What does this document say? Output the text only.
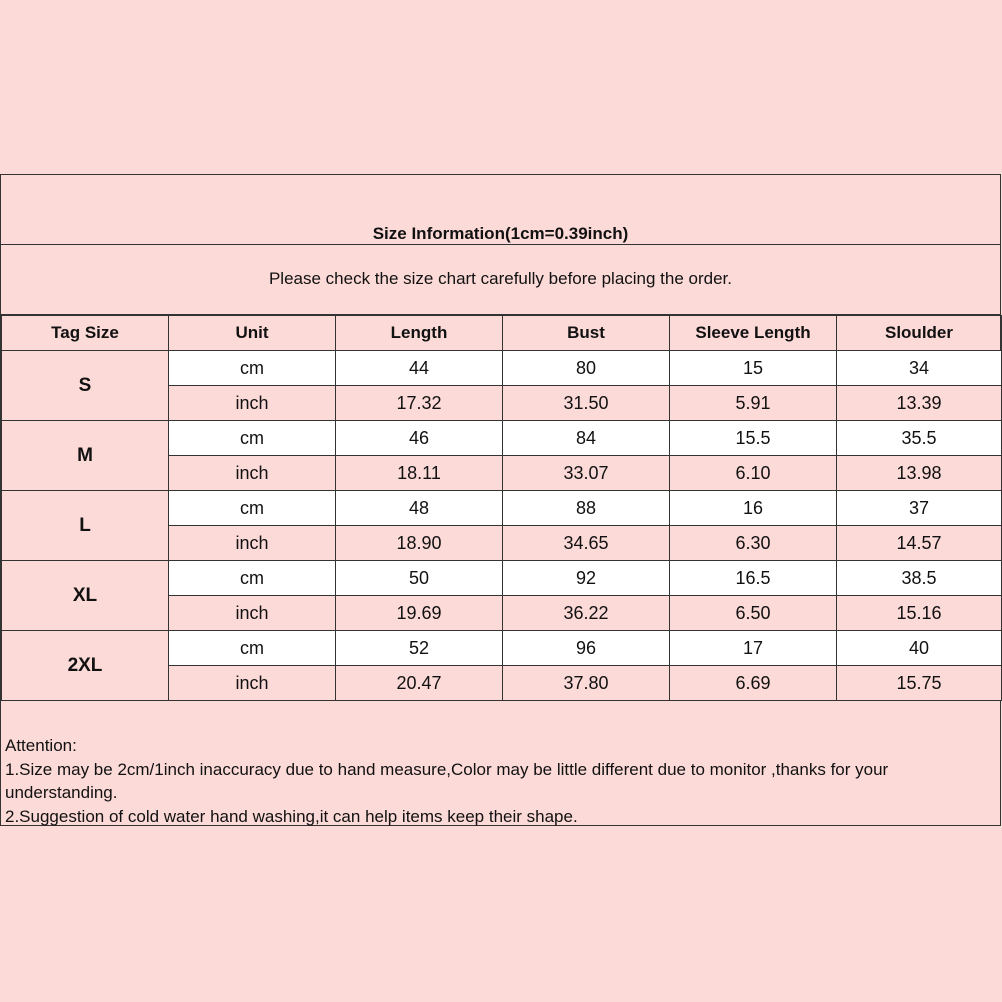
Size Information(1cm=0.39inch)
Please check the size chart carefully before placing the order.
Tag Size	Unit	Length	Bust	Sleeve Length	Sloulder
S	cm	44	80	15	34
	inch	17.32	31.50	5.91	13.39
M	cm	46	84	15.5	35.5
	inch	18.11	33.07	6.10	13.98
L	cm	48	88	16	37
	inch	18.90	34.65	6.30	14.57
XL	cm	50	92	16.5	38.5
	inch	19.69	36.22	6.50	15.16
2XL	cm	52	96	17	40
	inch	20.47	37.80	6.69	15.75
Attention:
1.Size may be 2cm/1inch inaccuracy due to hand measure,Color may be little different due to monitor ,thanks for your understanding.
2.Suggestion of cold water hand washing,it can help items keep their shape.
